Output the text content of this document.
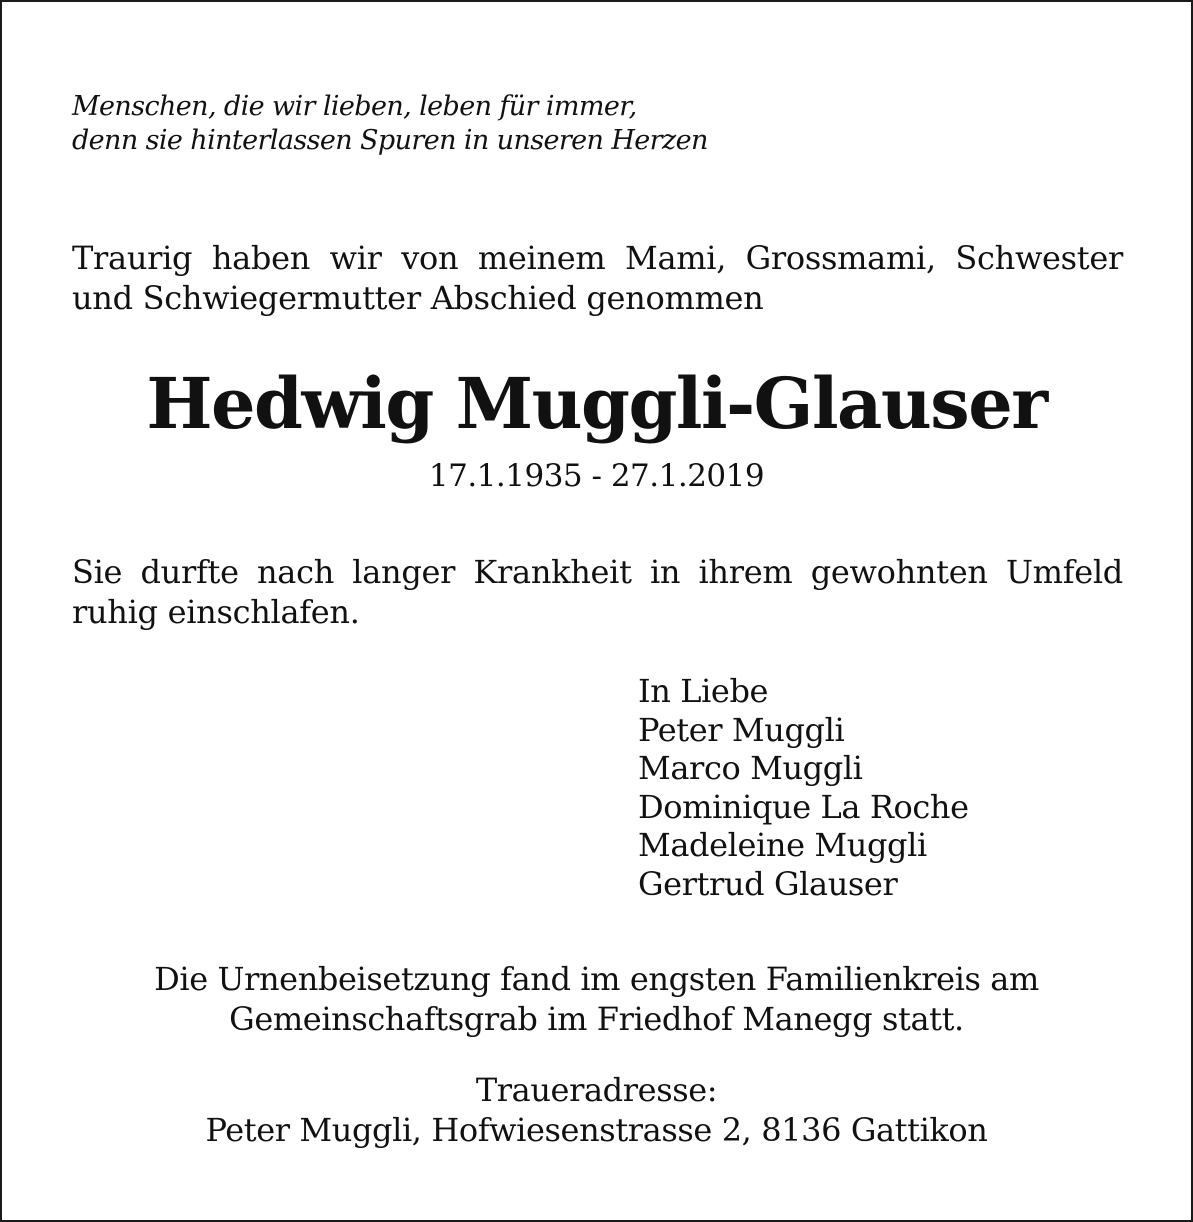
Menschen, die wir lieben, leben für immer,
denn sie hinterlassen Spuren in unseren Herzen
Traurig haben wir von meinem Mami, Grossmami, Schwester
und Schwiegermutter Abschied genommen
Hedwig Muggli-Glauser
17.1.1935 - 27.1.2019
Sie durfte nach langer Krankheit in ihrem gewohnten Umfeld
ruhig einschlafen.
In Liebe
Peter Muggli
Marco Muggli
Dominique La Roche
Madeleine Muggli
Gertrud Glauser
Die Urnenbeisetzung fand im engsten Familienkreis am
Gemeinschaftsgrab im Friedhof Manegg statt.
Traueradresse:
Peter Muggli, Hofwiesenstrasse 2, 8136 Gattikon
